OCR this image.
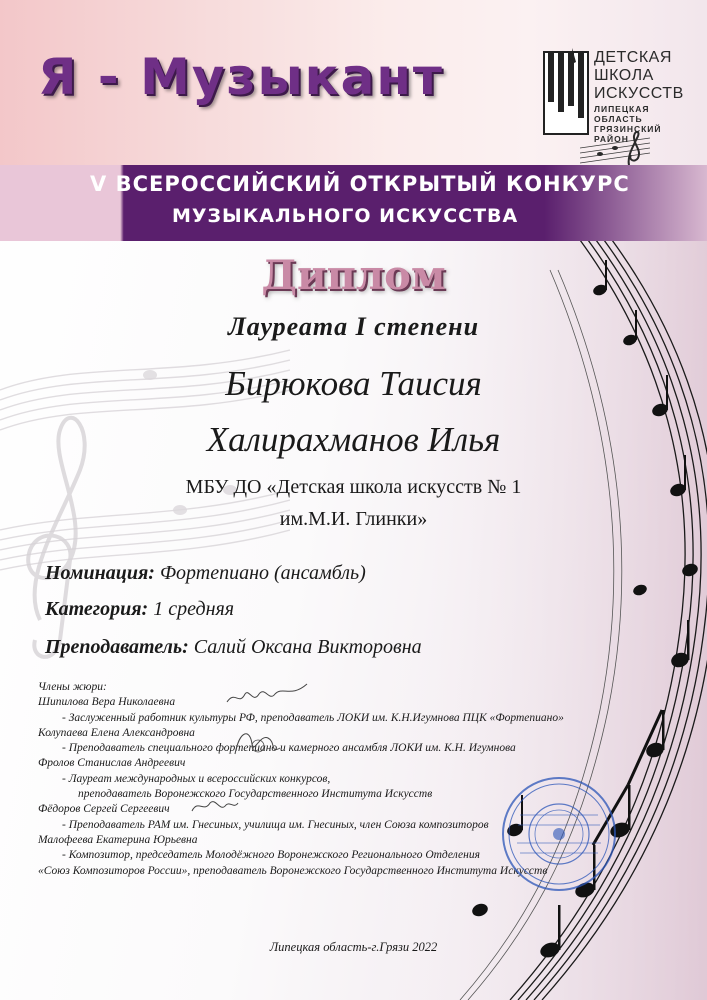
Я - Музыкант	ДЕТСКАЯ
ШКОЛА
ИСКУССТВ
ЛИПЕЦКАЯ
ОБЛАСТЬ
ГРЯЗИНСКИЙ
РАЙОН
V ВСЕРОССИЙСКИЙ ОТКРЫТЫЙ КОНКУРС
МУЗЫКАЛЬНОГО ИСКУССТВА
Диплом
Лауреата I степени
Бирюкова Таисия
Халирахманов Илья
МБУ ДО «Детская школа искусств № 1
им.М.И. Глинки»
Номинация: Фортепиано (ансамбль)
Категория: 1 средняя
Преподаватель: Салий Оксана Викторовна
Члены жюри:
Шипилова Вера Николаевна
- Заслуженный работник культуры РФ, преподаватель ЛОКИ им. К.Н.Игумнова ПЦК «Фортепиано»
Колупаева Елена Александровна
- Преподаватель специального фортепиано и камерного ансамбля ЛОКИ им. К.Н. Игумнова
Фролов Станислав Андреевич
- Лауреат международных и всероссийских конкурсов,
преподаватель Воронежского Государственного Института Искусств
Фёдоров Сергей Сергеевич
- Преподаватель РАМ им. Гнесиных, училища им. Гнесиных, член Союза композиторов
Малофеева Екатерина Юрьевна
- Композитор, председатель Молодёжного Воронежского Регионального Отделения
«Союз Композиторов России», преподаватель Воронежского Государственного Института Искусств
Липецкая область-г.Грязи 2022
